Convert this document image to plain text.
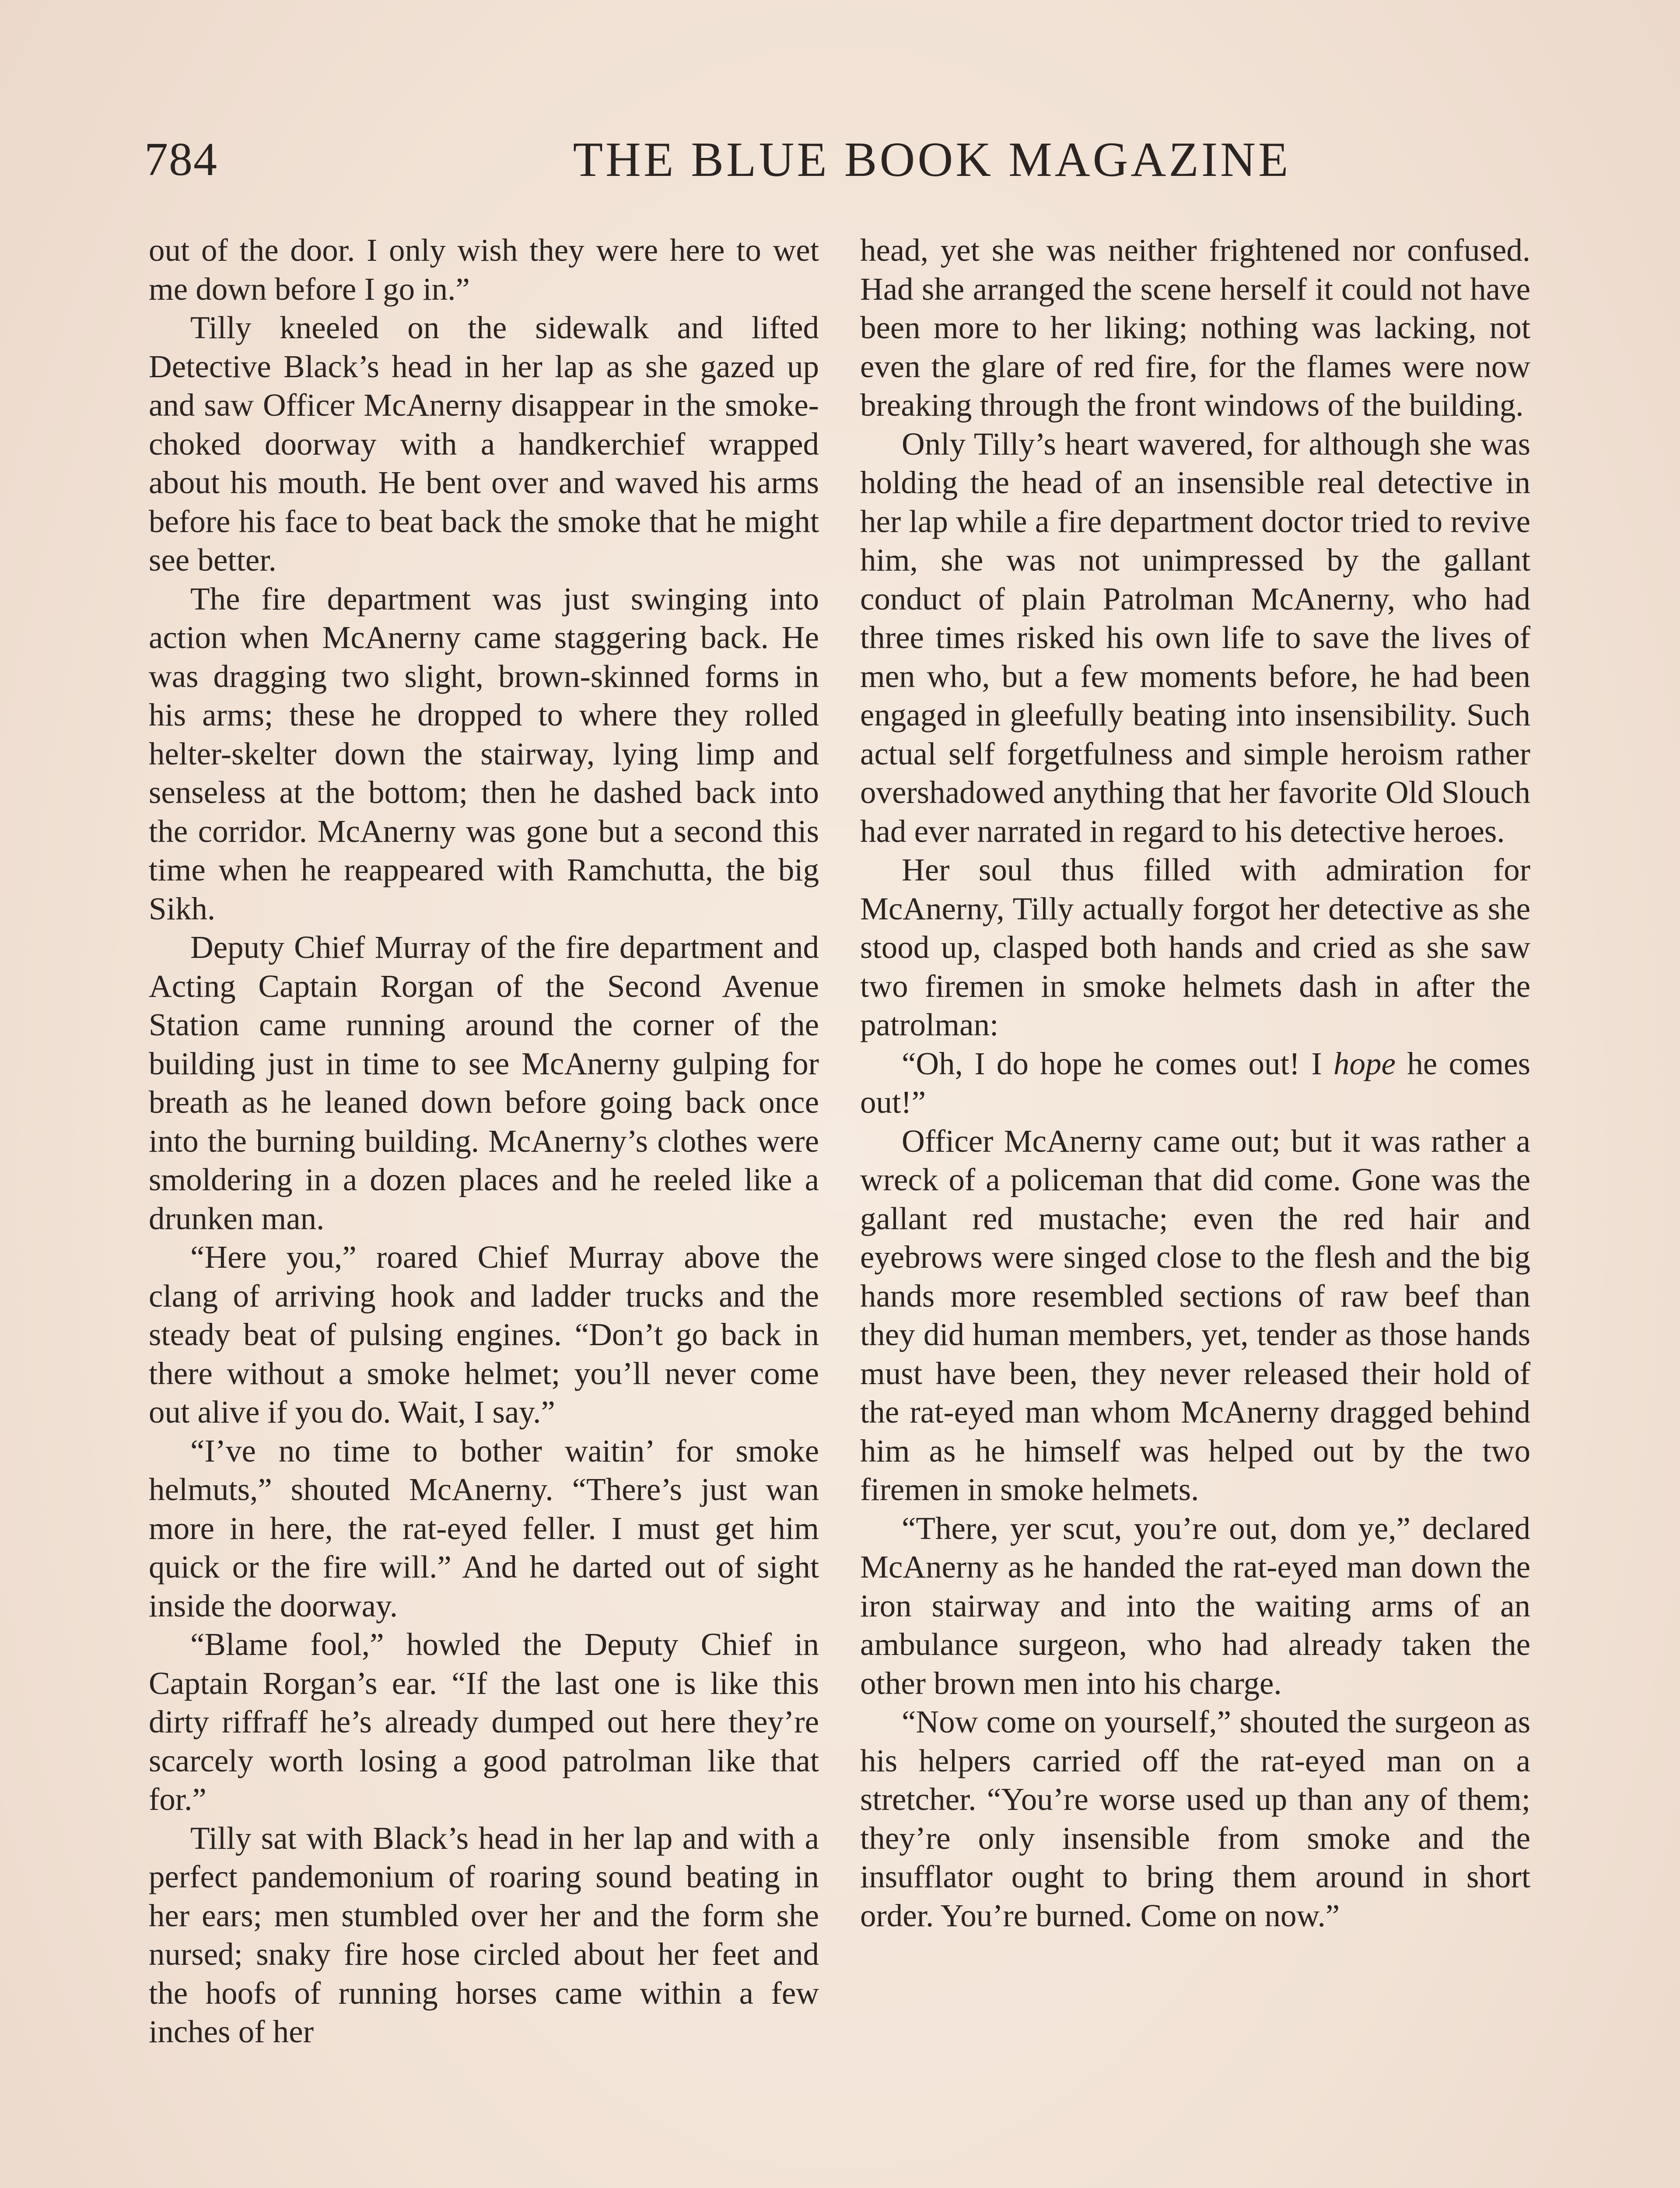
784	THE BLUE BOOK MAGAZINE

out of the door. I only wish they were here to wet me down before I go in.”

Tilly kneeled on the sidewalk and lifted Detective Black’s head in her lap as she gazed up and saw Officer McAnerny disappear in the smoke-choked doorway with a handkerchief wrapped about his mouth. He bent over and waved his arms before his face to beat back the smoke that he might see better.

The fire department was just swinging into action when McAnerny came staggering back. He was dragging two slight, brown-skinned forms in his arms; these he dropped to where they rolled helter-skelter down the stairway, lying limp and senseless at the bottom; then he dashed back into the corridor. McAnerny was gone but a second this time when he reappeared with Ramchutta, the big Sikh.

Deputy Chief Murray of the fire department and Acting Captain Rorgan of the Second Avenue Station came running around the corner of the building just in time to see McAnerny gulping for breath as he leaned down before going back once into the burning building. McAnerny’s clothes were smoldering in a dozen places and he reeled like a drunken man.

“Here you,” roared Chief Murray above the clang of arriving hook and ladder trucks and the steady beat of pulsing engines. “Don’t go back in there without a smoke helmet; you’ll never come out alive if you do. Wait, I say.”

“I’ve no time to bother waitin’ for smoke helmuts,” shouted McAnerny. “There’s just wan more in here, the rat-eyed feller. I must get him quick or the fire will.” And he darted out of sight inside the doorway.

“Blame fool,” howled the Deputy Chief in Captain Rorgan’s ear. “If the last one is like this dirty riffraff he’s already dumped out here they’re scarcely worth losing a good patrolman like that for.”

Tilly sat with Black’s head in her lap and with a perfect pandemonium of roaring sound beating in her ears; men stumbled over her and the form she nursed; snaky fire hose circled about her feet and the hoofs of running horses came within a few inches of her

head, yet she was neither frightened nor confused. Had she arranged the scene herself it could not have been more to her liking; nothing was lacking, not even the glare of red fire, for the flames were now breaking through the front windows of the building.

Only Tilly’s heart wavered, for although she was holding the head of an insensible real detective in her lap while a fire department doctor tried to revive him, she was not unimpressed by the gallant conduct of plain Patrolman McAnerny, who had three times risked his own life to save the lives of men who, but a few moments before, he had been engaged in gleefully beating into insensibility. Such actual self forgetfulness and simple heroism rather overshadowed anything that her favorite Old Slouch had ever narrated in regard to his detective heroes.

Her soul thus filled with admiration for McAnerny, Tilly actually forgot her detective as she stood up, clasped both hands and cried as she saw two firemen in smoke helmets dash in after the patrolman:

“Oh, I do hope he comes out! I hope he comes out!”

Officer McAnerny came out; but it was rather a wreck of a policeman that did come. Gone was the gallant red mustache; even the red hair and eyebrows were singed close to the flesh and the big hands more resembled sections of raw beef than they did human members, yet, tender as those hands must have been, they never released their hold of the rat-eyed man whom McAnerny dragged behind him as he himself was helped out by the two firemen in smoke helmets.

“There, yer scut, you’re out, dom ye,” declared McAnerny as he handed the rat-eyed man down the iron stairway and into the waiting arms of an ambulance surgeon, who had already taken the other brown men into his charge.

“Now come on yourself,” shouted the surgeon as his helpers carried off the rat-eyed man on a stretcher. “You’re worse used up than any of them; they’re only insensible from smoke and the insufflator ought to bring them around in short order. You’re burned. Come on now.”
